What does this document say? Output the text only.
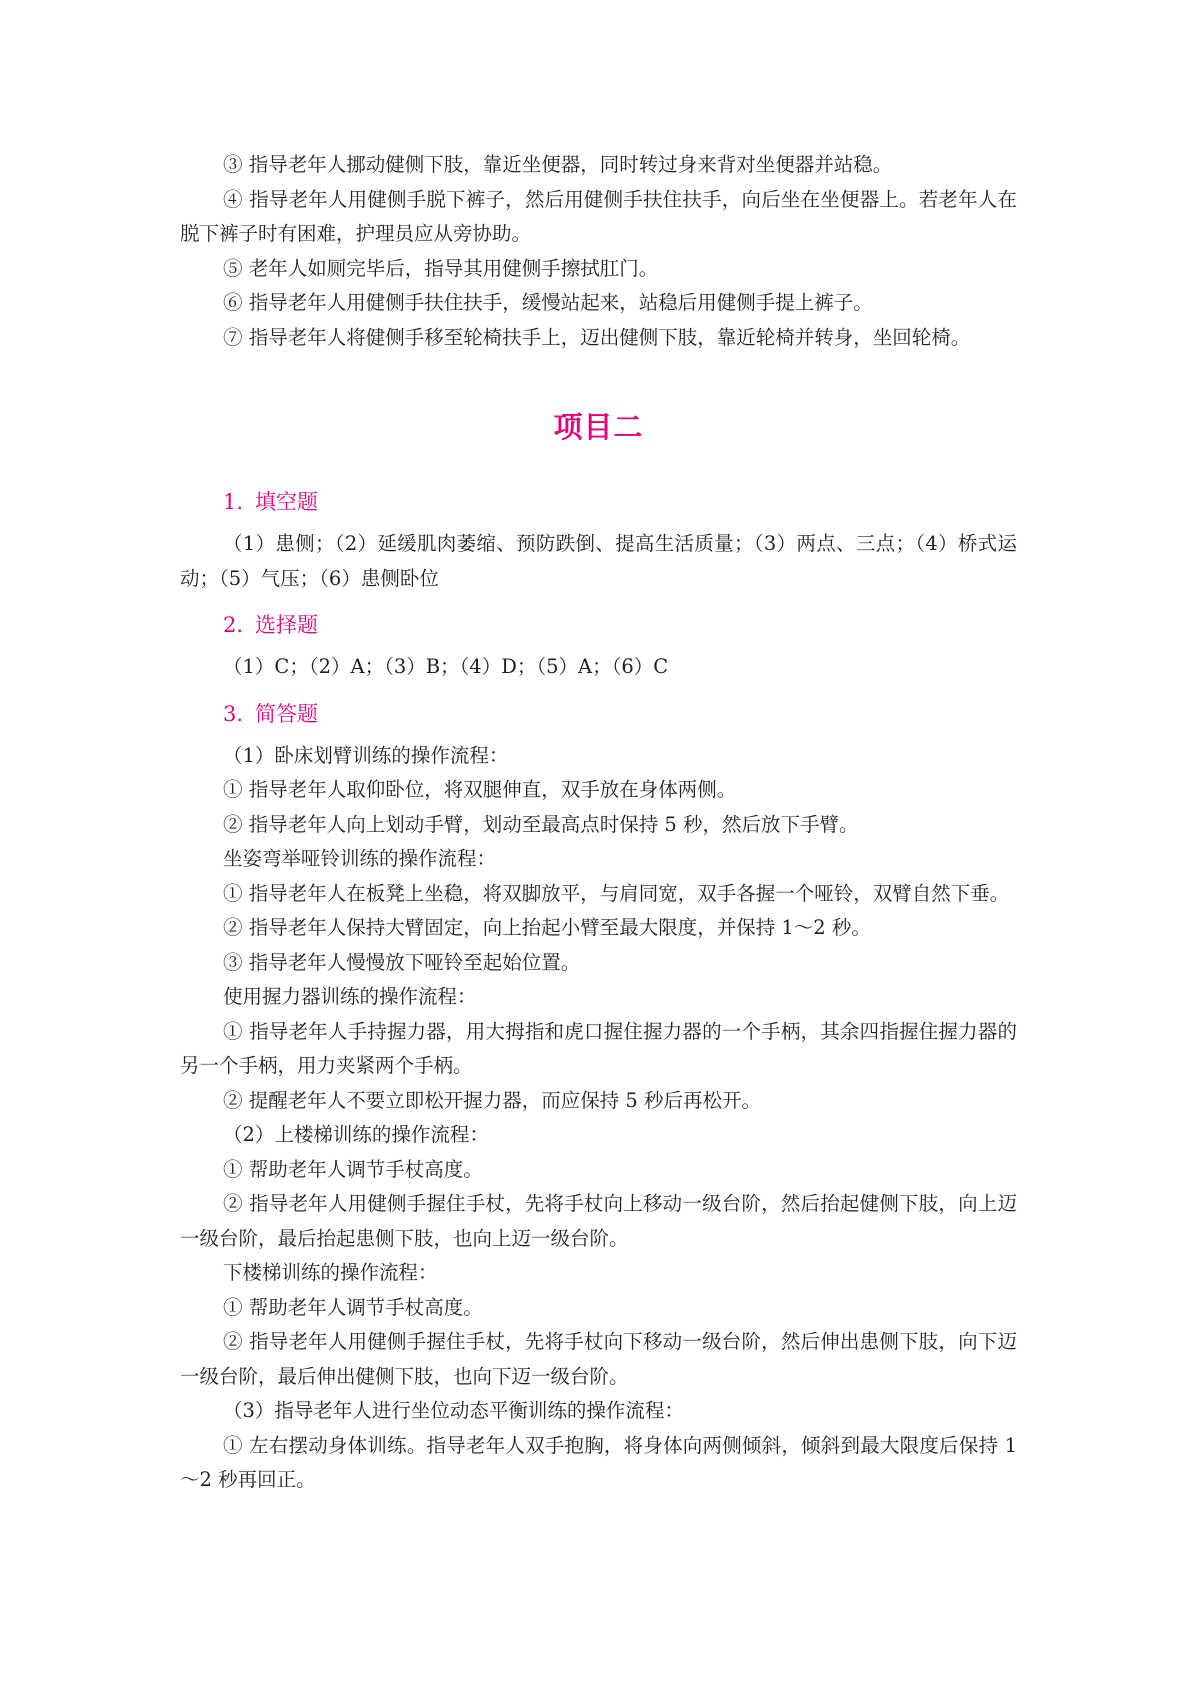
③ 指导老年人挪动健侧下肢，靠近坐便器，同时转过身来背对坐便器并站稳。

④ 指导老年人用健侧手脱下裤子，然后用健侧手扶住扶手，向后坐在坐便器上。若老年人在脱下裤子时有困难，护理员应从旁协助。

⑤ 老年人如厕完毕后，指导其用健侧手擦拭肛门。

⑥ 指导老年人用健侧手扶住扶手，缓慢站起来，站稳后用健侧手提上裤子。

⑦ 指导老年人将健侧手移至轮椅扶手上，迈出健侧下肢，靠近轮椅并转身，坐回轮椅。

项目二
1. 填空题

（1）患侧；（2）延缓肌肉萎缩、预防跌倒、提高生活质量；（3）两点、三点；（4）桥式运动；（5）气压；（6）患侧卧位

2. 选择题

（1）C；（2）A；（3）B；（4）D；（5）A；（6）C

3. 简答题

（1）卧床划臂训练的操作流程：

① 指导老年人取仰卧位，将双腿伸直，双手放在身体两侧。

② 指导老年人向上划动手臂，划动至最高点时保持 5 秒，然后放下手臂。

坐姿弯举哑铃训练的操作流程：

① 指导老年人在板凳上坐稳，将双脚放平，与肩同宽，双手各握一个哑铃，双臂自然下垂。

② 指导老年人保持大臂固定，向上抬起小臂至最大限度，并保持 1～2 秒。

③ 指导老年人慢慢放下哑铃至起始位置。

使用握力器训练的操作流程：

① 指导老年人手持握力器，用大拇指和虎口握住握力器的一个手柄，其余四指握住握力器的另一个手柄，用力夹紧两个手柄。

② 提醒老年人不要立即松开握力器，而应保持 5 秒后再松开。

（2）上楼梯训练的操作流程：

① 帮助老年人调节手杖高度。

② 指导老年人用健侧手握住手杖，先将手杖向上移动一级台阶，然后抬起健侧下肢，向上迈一级台阶，最后抬起患侧下肢，也向上迈一级台阶。

下楼梯训练的操作流程：

① 帮助老年人调节手杖高度。

② 指导老年人用健侧手握住手杖，先将手杖向下移动一级台阶，然后伸出患侧下肢，向下迈一级台阶，最后伸出健侧下肢，也向下迈一级台阶。

（3）指导老年人进行坐位动态平衡训练的操作流程：

① 左右摆动身体训练。指导老年人双手抱胸，将身体向两侧倾斜，倾斜到最大限度后保持 1～2 秒再回正。
